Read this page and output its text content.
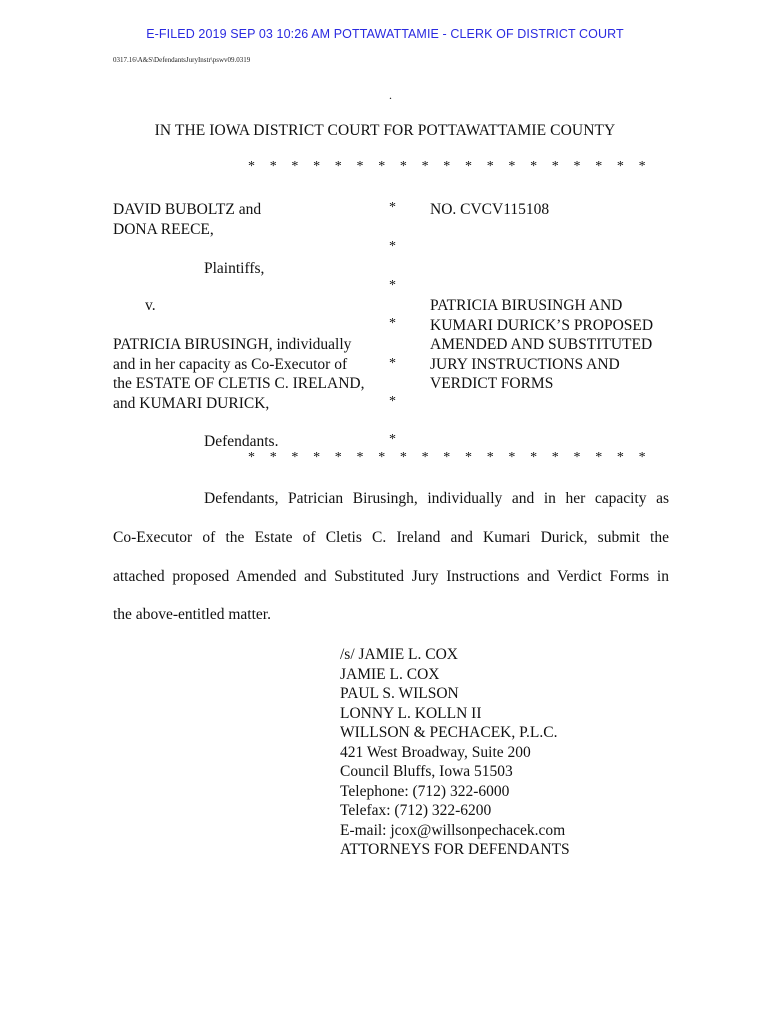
E-FILED 2019 SEP 03 10:26 AM POTTAWATTAMIE - CLERK OF DISTRICT COURT
0317.16\A&S\DefendantsJuryInstr\pswv09.0319
.
IN THE IOWA DISTRICT COURT FOR POTTAWATTAMIE COUNTY
* * * * * * * * * * * * * * * * * * *
DAVID BUBOLTZ and
DONA REECE,
Plaintiffs,
v.
PATRICIA BIRUSINGH, individually
and in her capacity as Co-Executor of
the ESTATE OF CLETIS C. IRELAND,
and KUMARI DURICK,
Defendants.
*
*
*
*
*
*
*
NO. CVCV115108
PATRICIA BIRUSINGH AND
KUMARI DURICK’S PROPOSED
AMENDED AND SUBSTITUTED
JURY INSTRUCTIONS AND
VERDICT FORMS
* * * * * * * * * * * * * * * * * * *
Defendants, Patrician Birusingh, individually and in her capacity as
Co-Executor of the Estate of Cletis C. Ireland and Kumari Durick, submit the
attached proposed Amended and Substituted Jury Instructions and Verdict Forms in
the above-entitled matter.
/s/ JAMIE L. COX
JAMIE L. COX
PAUL S. WILSON
LONNY L. KOLLN II
WILLSON & PECHACEK, P.L.C.
421 West Broadway, Suite 200
Council Bluffs, Iowa 51503
Telephone: (712) 322-6000
Telefax: (712) 322-6200
E-mail: jcox@willsonpechacek.com
ATTORNEYS FOR DEFENDANTS
